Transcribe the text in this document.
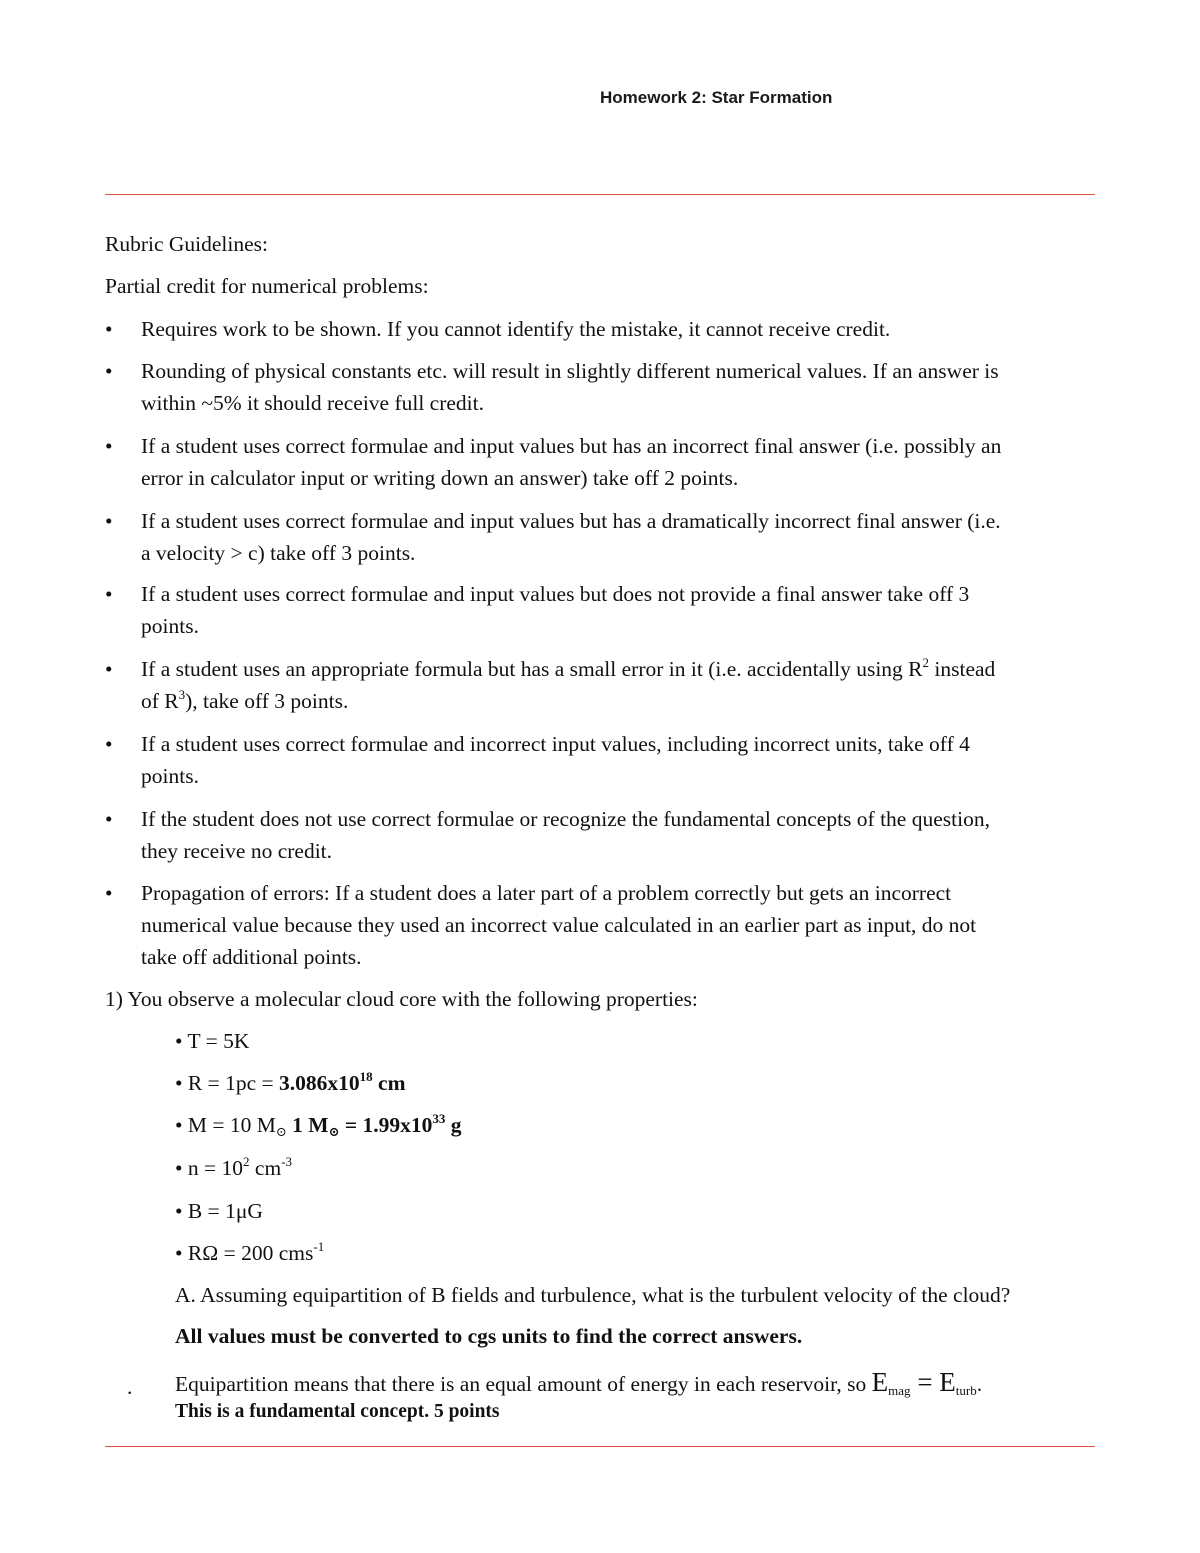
Homework 2: Star Formation
Rubric Guidelines:
Partial credit for numerical problems:
• Requires work to be shown. If you cannot identify the mistake, it cannot receive credit.
• Rounding of physical constants etc. will result in slightly different numerical values. If an answer is
within ~5% it should receive full credit.
• If a student uses correct formulae and input values but has an incorrect final answer (i.e. possibly an
error in calculator input or writing down an answer) take off 2 points.
• If a student uses correct formulae and input values but has a dramatically incorrect final answer (i.e.
a velocity > c) take off 3 points.
• If a student uses correct formulae and input values but does not provide a final answer take off 3
points.
• If a student uses an appropriate formula but has a small error in it (i.e. accidentally using $R^2$ instead
of $R^3$), take off 3 points.
• If a student uses correct formulae and incorrect input values, including incorrect units, take off 4
points.
• If the student does not use correct formulae or recognize the fundamental concepts of the question,
they receive no credit.
• Propagation of errors: If a student does a later part of a problem correctly but gets an incorrect
numerical value because they used an incorrect value calculated in an earlier part as input, do not
take off additional points.
1) You observe a molecular cloud core with the following properties:
• T = 5K
• $R = 1pc = 3.086x10^{18}$ cm
• M = 10 $M_⊙$ 1 $M_⊙ = 1.99x10^{33}$ g
• $n = 10^2$ $cm^{-3}$
• B = 1μG
• RΩ = 200 cms$^{-1}$
A. Assuming equipartition of B fields and turbulence, what is the turbulent velocity of the cloud?
All values must be converted to cgs units to find the correct answers.
. Equipartition means that there is an equal amount of energy in each reservoir, so $E_{mag} = E_{turb}$.
This is a fundamental concept. 5 points
